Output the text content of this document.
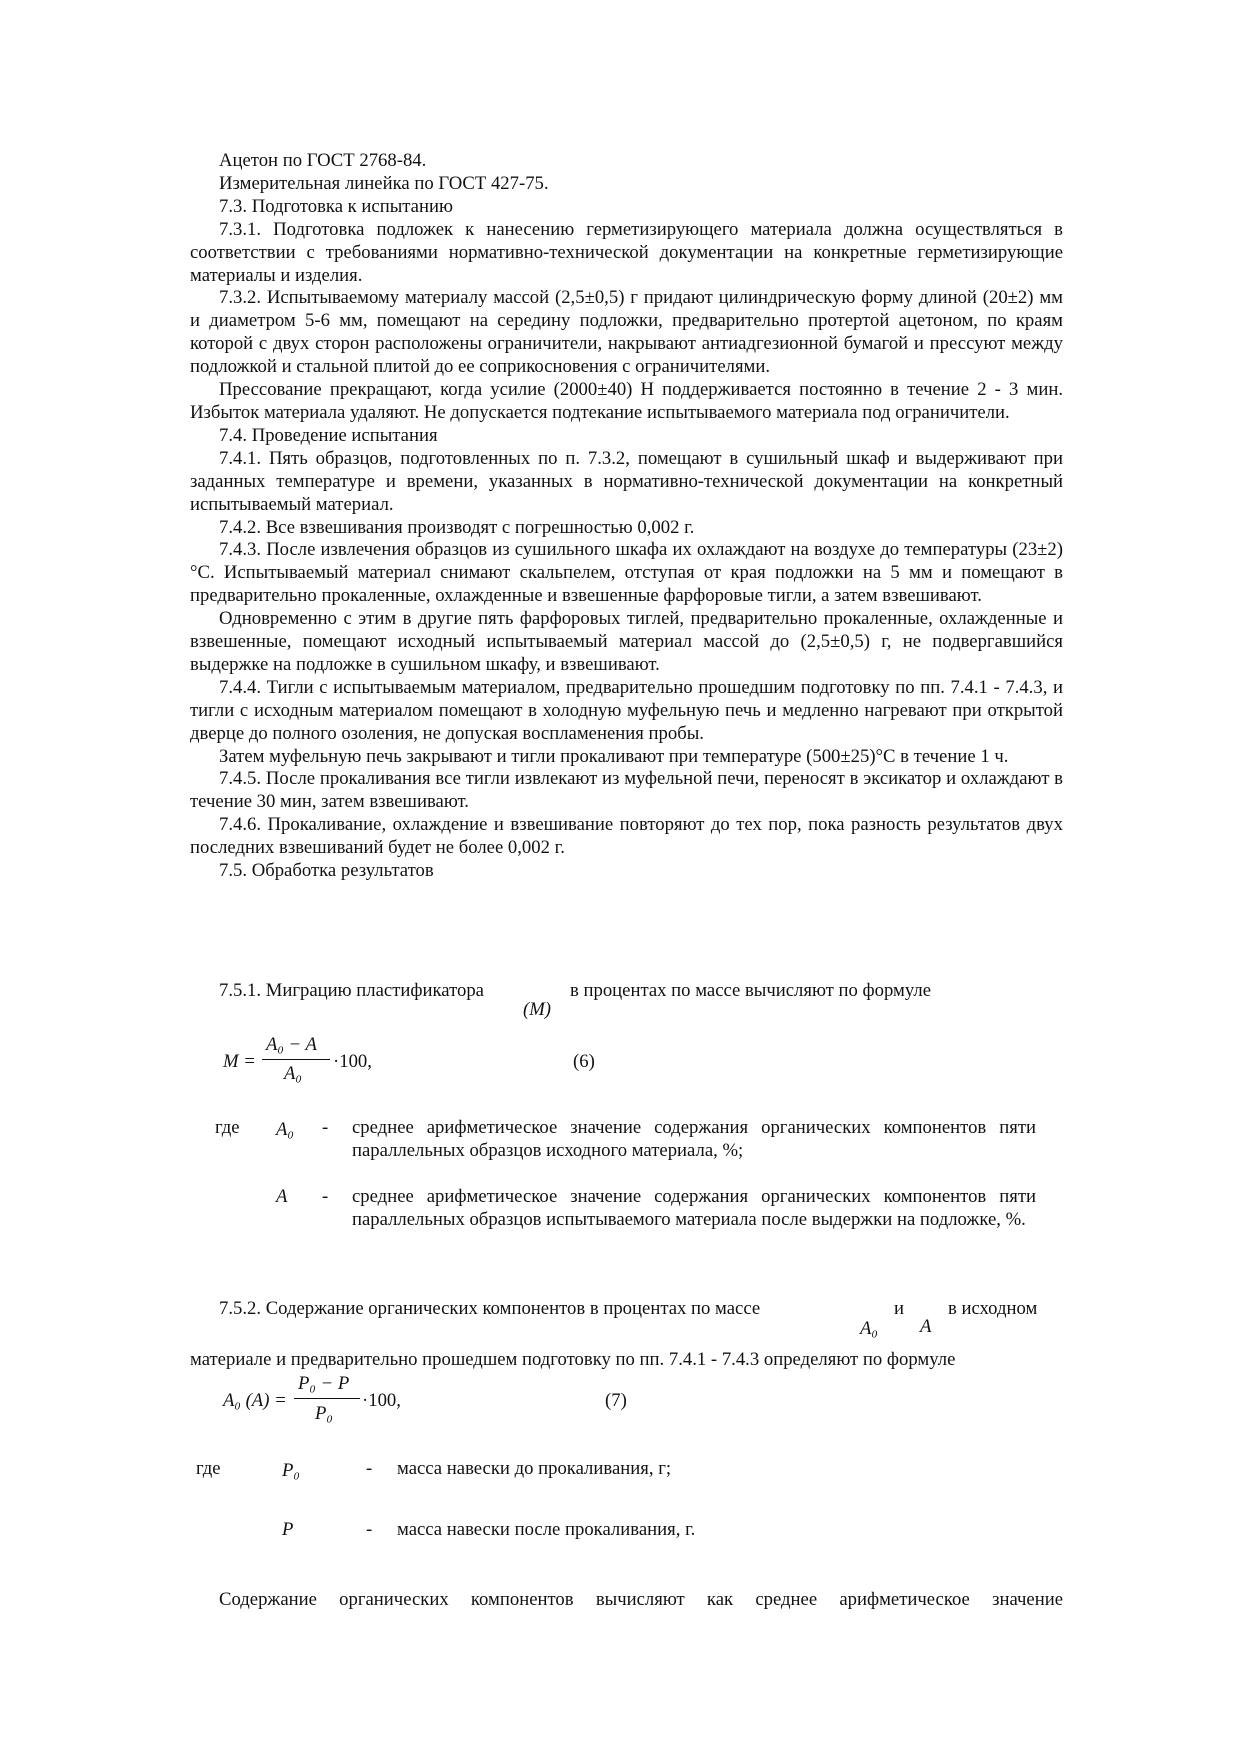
Ацетон по ГОСТ 2768-84.

Измерительная линейка по ГОСТ 427-75.

7.3. Подготовка к испытанию

7.3.1. Подготовка подложек к нанесению герметизирующего материала должна осуществляться в соответствии с требованиями нормативно-технической документации на конкретные герметизирующие материалы и изделия.

7.3.2. Испытываемому материалу массой (2,5±0,5) г придают цилиндрическую форму длиной (20±2) мм и диаметром 5-6 мм, помещают на середину подложки, предварительно протертой ацетоном, по краям которой с двух сторон расположены ограничители, накрывают антиадгезионной бумагой и прессуют между подложкой и стальной плитой до ее соприкосновения с ограничителями.

Прессование прекращают, когда усилие (2000±40) Н поддерживается постоянно в течение 2 - 3 мин. Избыток материала удаляют. Не допускается подтекание испытываемого материала под ограничители.

7.4. Проведение испытания

7.4.1. Пять образцов, подготовленных по п. 7.3.2, помещают в сушильный шкаф и выдерживают при заданных температуре и времени, указанных в нормативно-технической документации на конкретный испытываемый материал.

7.4.2. Все взвешивания производят с погрешностью 0,002 г.

7.4.3. После извлечения образцов из сушильного шкафа их охлаждают на воздухе до температуры (23±2)°С. Испытываемый материал снимают скальпелем, отступая от края подложки на 5 мм и помещают в предварительно прокаленные, охлажденные и взвешенные фарфоровые тигли, а затем взвешивают.

Одновременно с этим в другие пять фарфоровых тиглей, предварительно прокаленные, охлажденные и взвешенные, помещают исходный испытываемый материал массой до (2,5±0,5) г, не подвергавшийся выдержке на подложке в сушильном шкафу, и взвешивают.

7.4.4. Тигли с испытываемым материалом, предварительно прошедшим подготовку по пп. 7.4.1 - 7.4.3, и тигли с исходным материалом помещают в холодную муфельную печь и медленно нагревают при открытой дверце до полного озоления, не допуская воспламенения пробы.

Затем муфельную печь закрывают и тигли прокаливают при температуре (500±25)°С в течение 1 ч.

7.4.5. После прокаливания все тигли извлекают из муфельной печи, переносят в эксикатор и охлаждают в течение 30 мин, затем взвешивают.

7.4.6. Прокаливание, охлаждение и взвешивание повторяют до тех пор, пока разность результатов двух последних взвешиваний будет не более 0,002 г.

7.5. Обработка результатов

7.5.1. Миграцию пластификатора
(M)
в процентах по массе вычисляют по формуле
M =
A₀ − A
A₀
·100,	(6)
где A₀ - среднее арифметическое значение содержания органических компонентов пяти параллельных образцов исходного материала, %;
A - среднее арифметическое значение содержания органических компонентов пяти параллельных образцов испытываемого материала после выдержки на подложке, %.
7.5.2. Содержание органических компонентов в процентах по массе	и в исходном
A₀ A
материале и предварительно прошедшем подготовку по пп. 7.4.1 - 7.4.3 определяют по формуле
A₀ (A) =
P₀ − P
P₀
·100,	(7)
где	P₀	- масса навески до прокаливания, г;
P	- масса навески после прокаливания, г.

Содержание органических компонентов вычисляют как среднее арифметическое значение
